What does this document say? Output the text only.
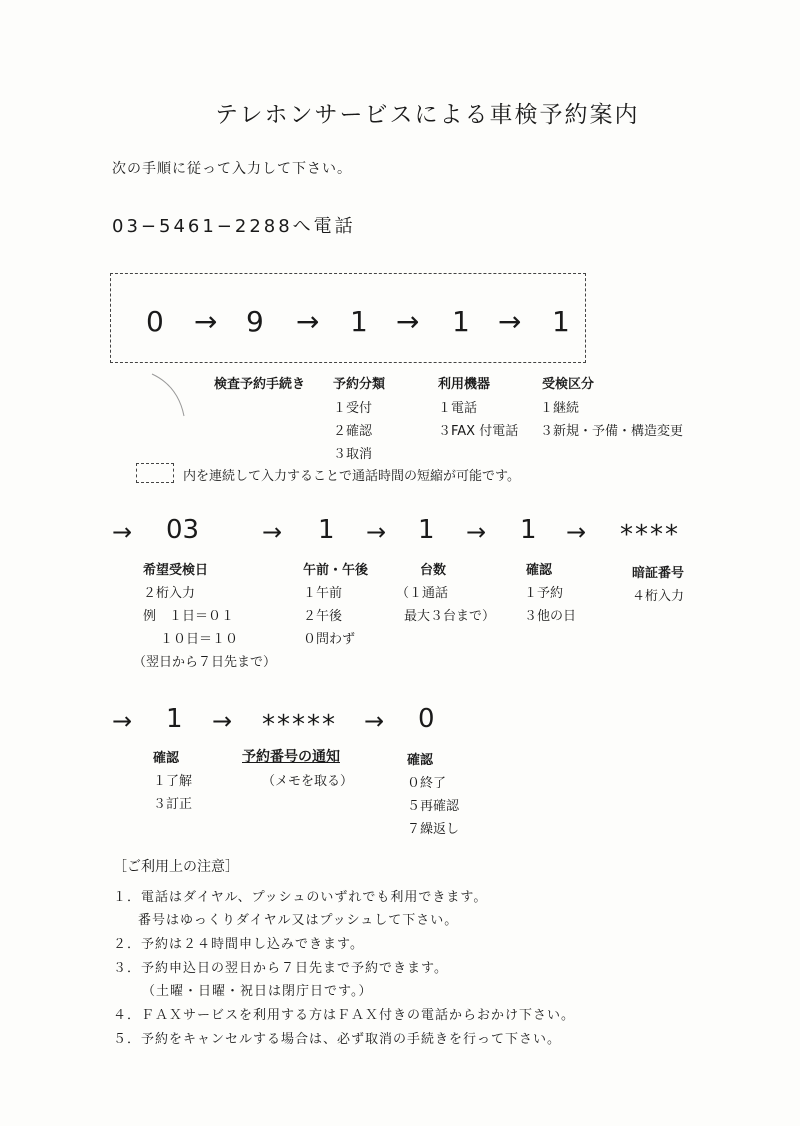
テレホンサービスによる車検予約案内
次の手順に従って入力して下さい。
03−5461−2288へ電話
0 → 9 → 1 → 1 → 1
検査予約手続き 予約分類
１受付
２確認
３取消
利用機器
１電話
３FAX 付電話
受検区分
１継続
３新規・予備・構造変更
内を連続して入力することで通話時間の短縮が可能です。
→ 03	→ 1 → 1 → 1 → ****
希望受検日
２桁入力
例　１日＝０１
１０日＝１０
（翌日から７日先まで）
午前・午後
１午前
２午後
０問わず
台数
（１通話
最大３台まで）
確認
１予約
３他の日
暗証番号
４桁入力
→ 1 → ***** → 0
確認
１了解
３訂正
予約番号の通知
（メモを取る）
確認
０終了
５再確認
７繰返し
［ご利用上の注意］
１．電話はダイヤル、プッシュのいずれでも利用できます。
番号はゆっくりダイヤル又はプッシュして下さい。
２．予約は２４時間申し込みできます。
３．予約申込日の翌日から７日先まで予約できます。
（土曜・日曜・祝日は閉庁日です。）
４．ＦＡＸサービスを利用する方はＦＡＸ付きの電話からおかけ下さい。
５．予約をキャンセルする場合は、必ず取消の手続きを行って下さい。
